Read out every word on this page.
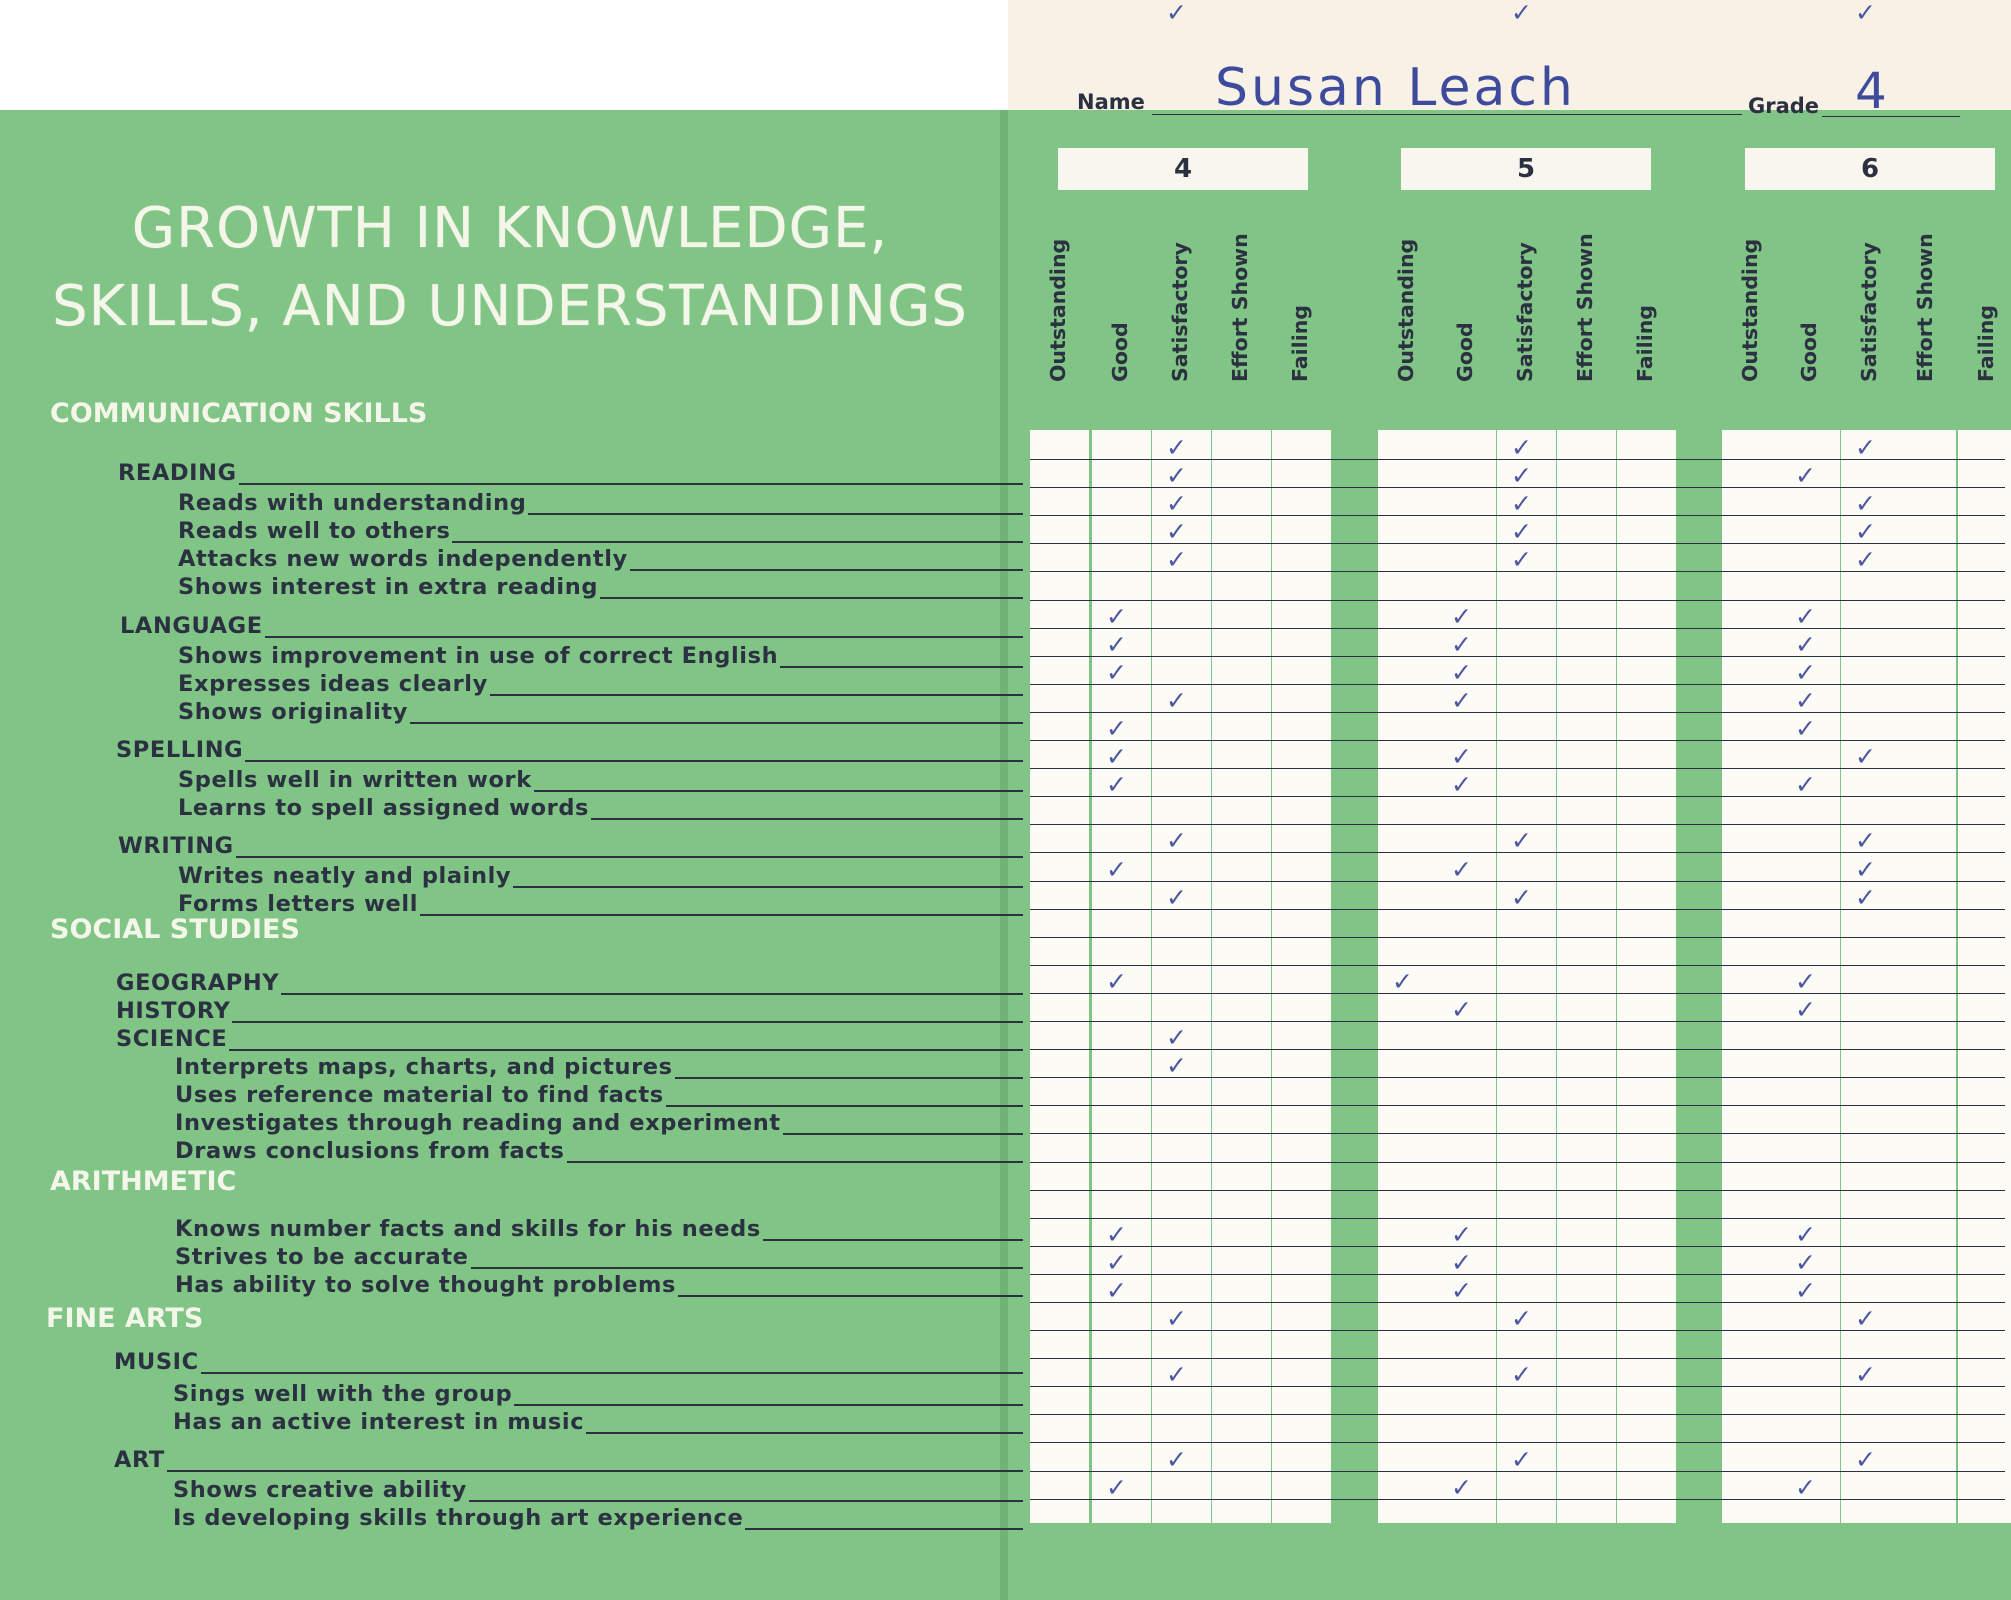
Name Susan Leach	Grade 4
GROWTH IN KNOWLEDGE,
SKILLS, AND UNDERSTANDINGS
COMMUNICATION SKILLS
SOCIAL STUDIES
ARITHMETIC
FINE ARTS
READING
Reads with understanding
Reads well to others
Attacks new words independently
Shows interest in extra reading
LANGUAGE
Shows improvement in use of correct English
Expresses ideas clearly
Shows originality
SPELLING
Spells well in written work
Learns to spell assigned words
WRITING
Writes neatly and plainly
Forms letters well
GEOGRAPHY
HISTORY
SCIENCE
Interprets maps, charts, and pictures
Uses reference material to find facts
Investigates through reading and experiment
Draws conclusions from facts
Knows number facts and skills for his needs
Strives to be accurate
Has ability to solve thought problems
MUSIC
Sings well with the group
Has an active interest in music
ART
Shows creative ability
Is developing skills through art experience
Outstanding Good Satisfactory Effort Shown Failing
4
Outstanding Good Satisfactory Effort Shown Failing
5
Outstanding Good Satisfactory Effort Shown Failing
6
✓
✓
✓
✓
✓
✓
✓
✓
✓
✓
✓
✓
✓
✓
✓
✓
✓
✓
✓
✓
✓
✓
✓
✓
✓
✓
✓
✓
✓
✓
✓
✓
✓
✓
✓
✓
✓
✓
✓
✓
✓
✓
✓
✓
✓
✓
✓
✓
✓
✓
✓
✓
✓
✓
✓
✓
✓
✓
✓
✓
✓
✓
✓
✓
✓
✓
✓
✓
✓
✓
✓
✓
✓
✓
✓
